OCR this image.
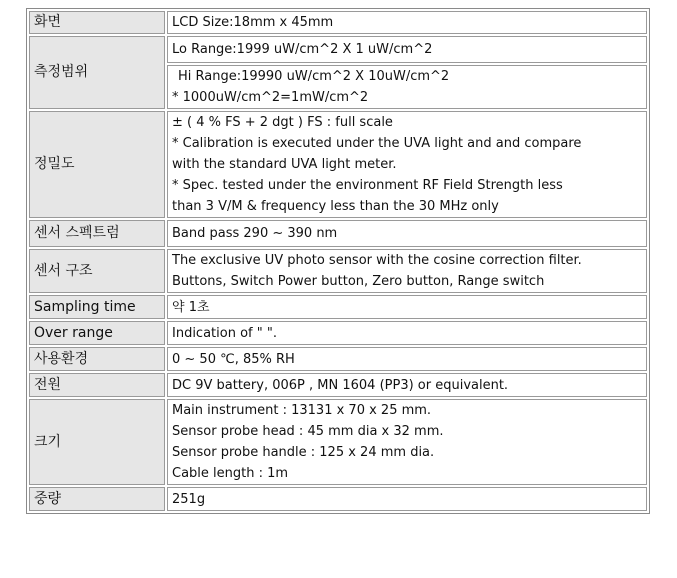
화면	LCD Size:18mm x 45mm

측정범위	Lo Range:1999 uW/cm^2 X 1 uW/cm^2

	Hi Range:19990 uW/cm^2 X 10uW/cm^2
* 1000uW/cm^2=1mW/cm^2

정밀도	± ( 4 % FS + 2 dgt ) FS : full scale
* Calibration is executed under the UVA light and and compare
with the standard UVA light meter.
* Spec. tested under the environment RF Field Strength less
than 3 V/M & frequency less than the 30 MHz only

센서 스펙트럼	Band pass 290 ~ 390 nm

센서 구조	The exclusive UV photo sensor with the cosine correction filter.
Buttons, Switch Power button, Zero button, Range switch

Sampling time	약 1초

Over range	Indication of " ".

사용환경	0 ~ 50 ℃, 85% RH

전원	DC 9V battery, 006P , MN 1604 (PP3) or equivalent.

크기	Main instrument : 13131 x 70 x 25 mm.
Sensor probe head : 45 mm dia x 32 mm.
Sensor probe handle : 125 x 24 mm dia.
Cable length : 1m

중량	251g
